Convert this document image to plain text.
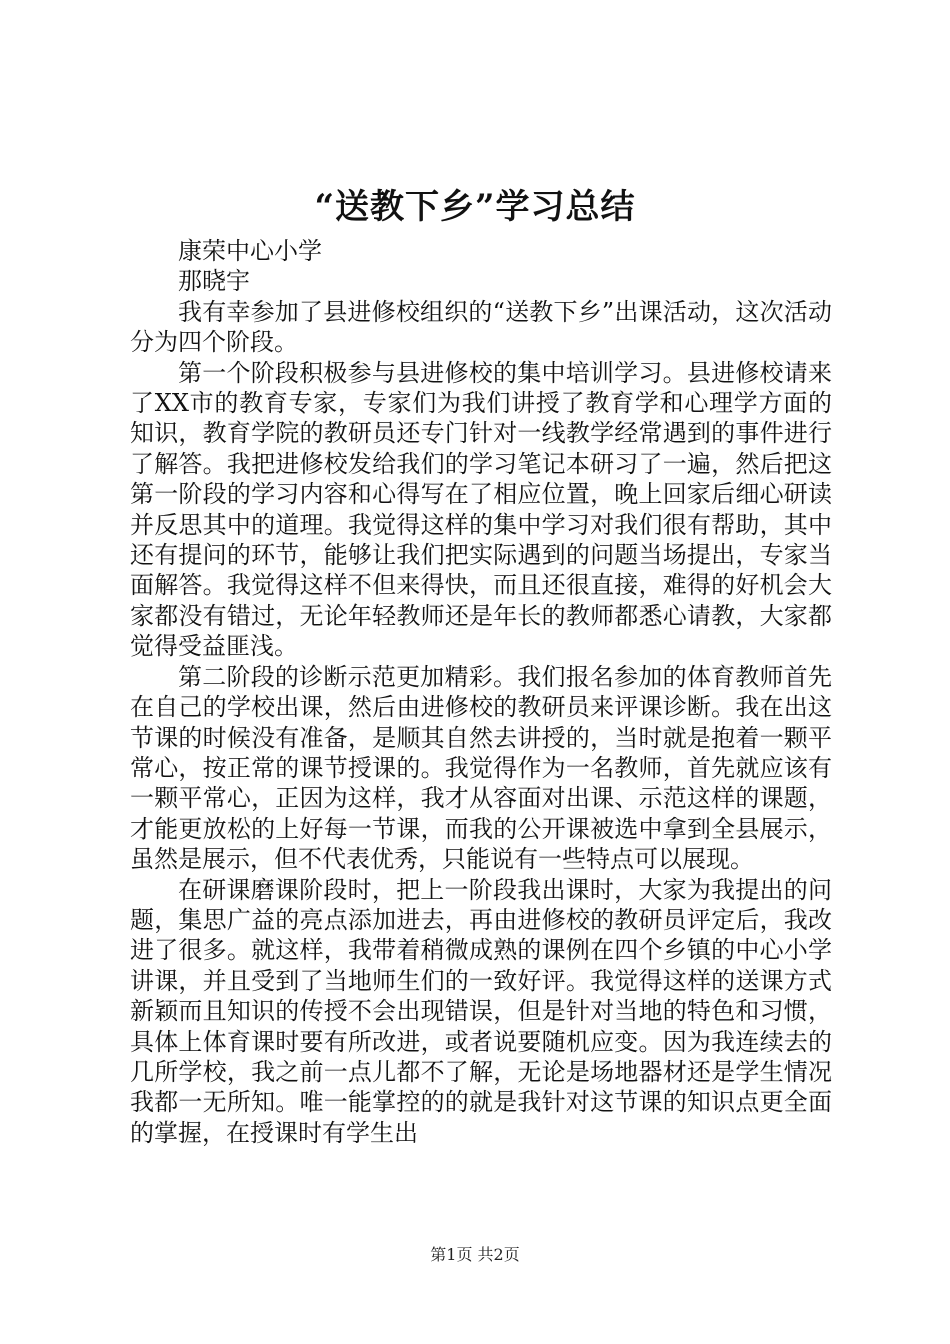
“送教下乡”学习总结

康荣中心小学

那晓宇

我有幸参加了县进修校组织的“送教下乡”出课活动，这次活动分为四个阶段。

第一个阶段积极参与县进修校的集中培训学习。县进修校请来了XX市的教育专家，专家们为我们讲授了教育学和心理学方面的知识，教育学院的教研员还专门针对一线教学经常遇到的事件进行了解答。我把进修校发给我们的学习笔记本研习了一遍，然后把这第一阶段的学习内容和心得写在了相应位置，晚上回家后细心研读并反思其中的道理。我觉得这样的集中学习对我们很有帮助，其中还有提问的环节，能够让我们把实际遇到的问题当场提出，专家当面解答。我觉得这样不但来得快，而且还很直接，难得的好机会大家都没有错过，无论年轻教师还是年长的教师都悉心请教，大家都觉得受益匪浅。

第二阶段的诊断示范更加精彩。我们报名参加的体育教师首先在自己的学校出课，然后由进修校的教研员来评课诊断。我在出这节课的时候没有准备，是顺其自然去讲授的，当时就是抱着一颗平常心，按正常的课节授课的。我觉得作为一名教师，首先就应该有一颗平常心，正因为这样，我才从容面对出课、示范这样的课题，才能更放松的上好每一节课，而我的公开课被选中拿到全县展示，虽然是展示，但不代表优秀，只能说有一些特点可以展现。

在研课磨课阶段时，把上一阶段我出课时，大家为我提出的问题，集思广益的亮点添加进去，再由进修校的教研员评定后，我改进了很多。就这样，我带着稍微成熟的课例在四个乡镇的中心小学讲课，并且受到了当地师生们的一致好评。我觉得这样的送课方式新颖而且知识的传授不会出现错误，但是针对当地的特色和习惯，具体上体育课时要有所改进，或者说要随机应变。因为我连续去的几所学校，我之前一点儿都不了解，无论是场地器材还是学生情况我都一无所知。唯一能掌控的的就是我针对这节课的知识点更全面的掌握，在授课时有学生出

第1页 共2页
